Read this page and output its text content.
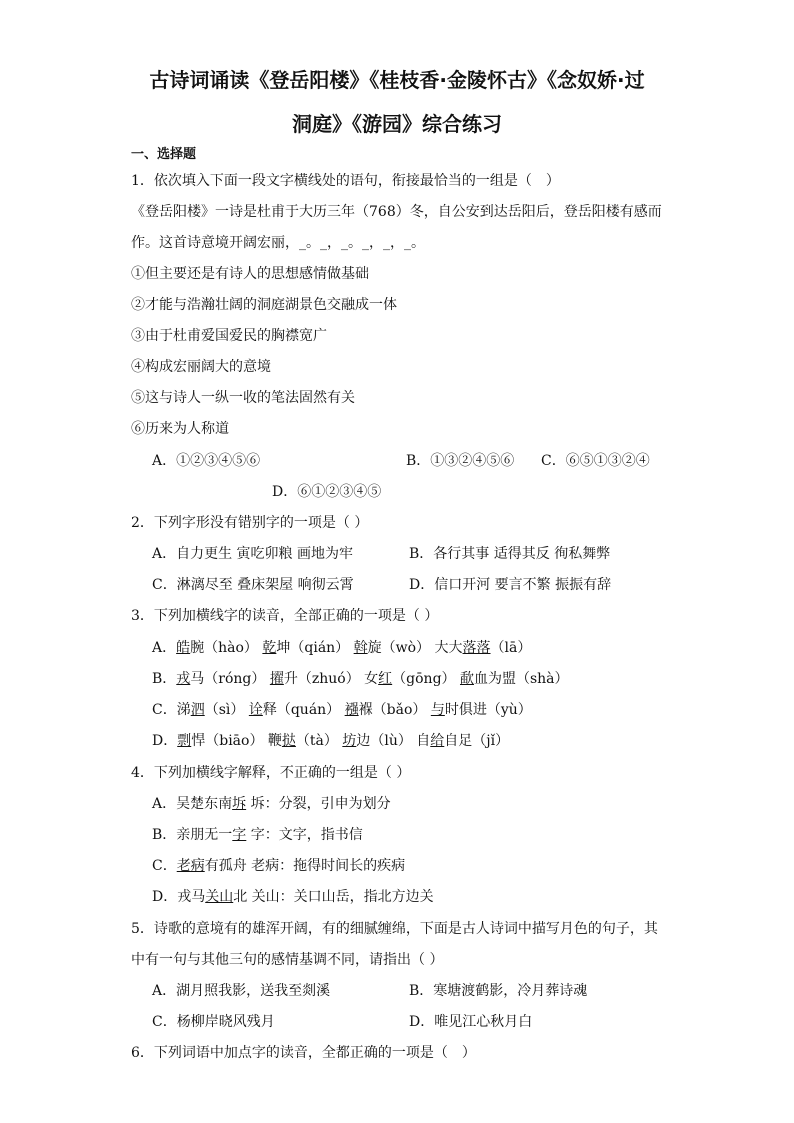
古诗词诵读《登岳阳楼》《桂枝香·金陵怀古》《念奴娇·过
洞庭》《游园》综合练习
一、选择题
1．依次填入下面一段文字横线处的语句，衔接最恰当的一组是（　）
《登岳阳楼》一诗是杜甫于大历三年（768）冬，自公安到达岳阳后，登岳阳楼有感而
作。这首诗意境开阔宏丽，_。_，_。_，_，_。
①但主要还是有诗人的思想感情做基础
②才能与浩瀚壮阔的洞庭湖景色交融成一体
③由于杜甫爱国爱民的胸襟宽广
④构成宏丽阔大的意境
⑤这与诗人一纵一收的笔法固然有关
⑥历来为人称道
A．①②③④⑤⑥	B．①③②④⑤⑥ C．⑥⑤①③②④
D．⑥①②③④⑤
2．下列字形没有错别字的一项是（ ）
A．自力更生 寅吃卯粮 画地为牢	B．各行其事 适得其反 徇私舞弊
C．淋漓尽至 叠床架屋 响彻云霄	D．信口开河 要言不繁 振振有辞
3．下列加横线字的读音，全部正确的一项是（ ）
A．皓腕（hào） 乾坤（qián） 斡旋（wò） 大大落落（lā）
B．戎马（róng） 擢升（zhuó） 女红（gōng） 歃血为盟（shà）
C．涕泗（sì） 诠释（quán） 襁褓（bǎo） 与时俱进（yù）
D．剽悍（biāo） 鞭挞（tà） 坊边（lù） 自给自足（jǐ）
4．下列加横线字解释，不正确的一组是（ ）
A．吴楚东南坼 坼：分裂，引申为划分
B．亲朋无一字 字：文字，指书信
C．老病有孤舟 老病：拖得时间长的疾病
D．戎马关山北 关山：关口山岳，指北方边关
5．诗歌的意境有的雄浑开阔，有的细腻缠绵，下面是古人诗词中描写月色的句子，其
中有一句与其他三句的感情基调不同，请指出（ ）
A．湖月照我影，送我至剡溪	B．寒塘渡鹤影，冷月葬诗魂
C．杨柳岸晓风残月	D．唯见江心秋月白
6．下列词语中加点字的读音，全都正确的一项是（　）
